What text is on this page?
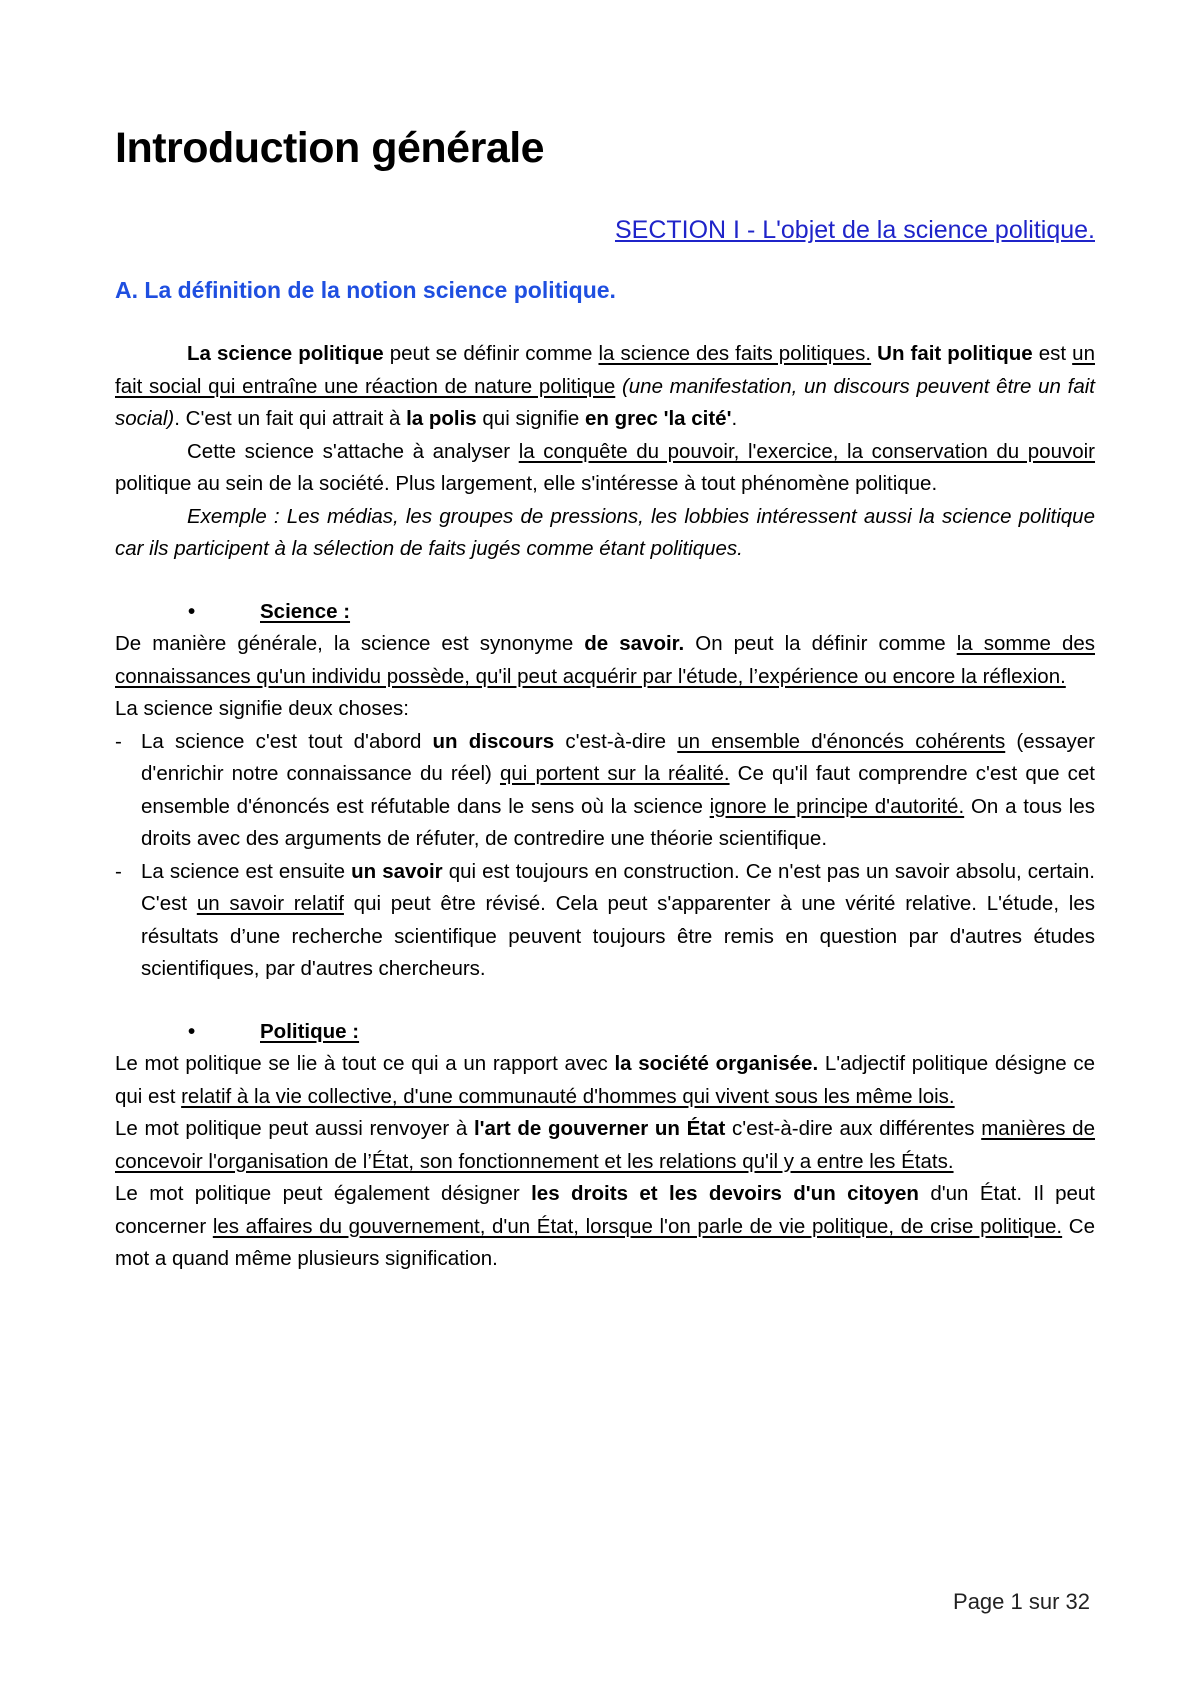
Introduction générale
SECTION I - L'objet de la science politique.
A. La définition de la notion science politique.

La science politique peut se définir comme la science des faits politiques. Un fait politique est un fait social qui entraîne une réaction de nature politique (une manifestation, un discours peuvent être un fait social). C'est un fait qui attrait à la polis qui signifie en grec 'la cité'.

Cette science s'attache à analyser la conquête du pouvoir, l'exercice, la conservation du pouvoir politique au sein de la société. Plus largement, elle s'intéresse à tout phénomène politique.

Exemple : Les médias, les groupes de pressions, les lobbies intéressent aussi la science politique car ils participent à la sélection de faits jugés comme étant politiques.

•	Science :

De manière générale, la science est synonyme de savoir. On peut la définir comme la somme des connaissances qu'un individu possède, qu'il peut acquérir par l'étude, l’expérience ou encore la réflexion.

La science signifie deux choses:

- La science c'est tout d'abord un discours c'est-à-dire un ensemble d'énoncés cohérents (essayer d'enrichir notre connaissance du réel) qui portent sur la réalité. Ce qu'il faut comprendre c'est que cet ensemble d'énoncés est réfutable dans le sens où la science ignore le principe d'autorité. On a tous les droits avec des arguments de réfuter, de contredire une théorie scientifique.
- La science est ensuite un savoir qui est toujours en construction. Ce n'est pas un savoir absolu, certain. C'est un savoir relatif qui peut être révisé. Cela peut s'apparenter à une vérité relative. L'étude, les résultats d’une recherche scientifique peuvent toujours être remis en question par d'autres études scientifiques, par d'autres chercheurs.
•	Politique :

Le mot politique se lie à tout ce qui a un rapport avec la société organisée. L'adjectif politique désigne ce qui est relatif à la vie collective, d'une communauté d'hommes qui vivent sous les même lois.

Le mot politique peut aussi renvoyer à l'art de gouverner un État c'est-à-dire aux différentes manières de concevoir l'organisation de l’État, son fonctionnement et les relations qu'il y a entre les États.

Le mot politique peut également désigner les droits et les devoirs d'un citoyen d'un État. Il peut concerner les affaires du gouvernement, d'un État, lorsque l'on parle de vie politique, de crise politique. Ce mot a quand même plusieurs signification.

Page 1 sur 32
